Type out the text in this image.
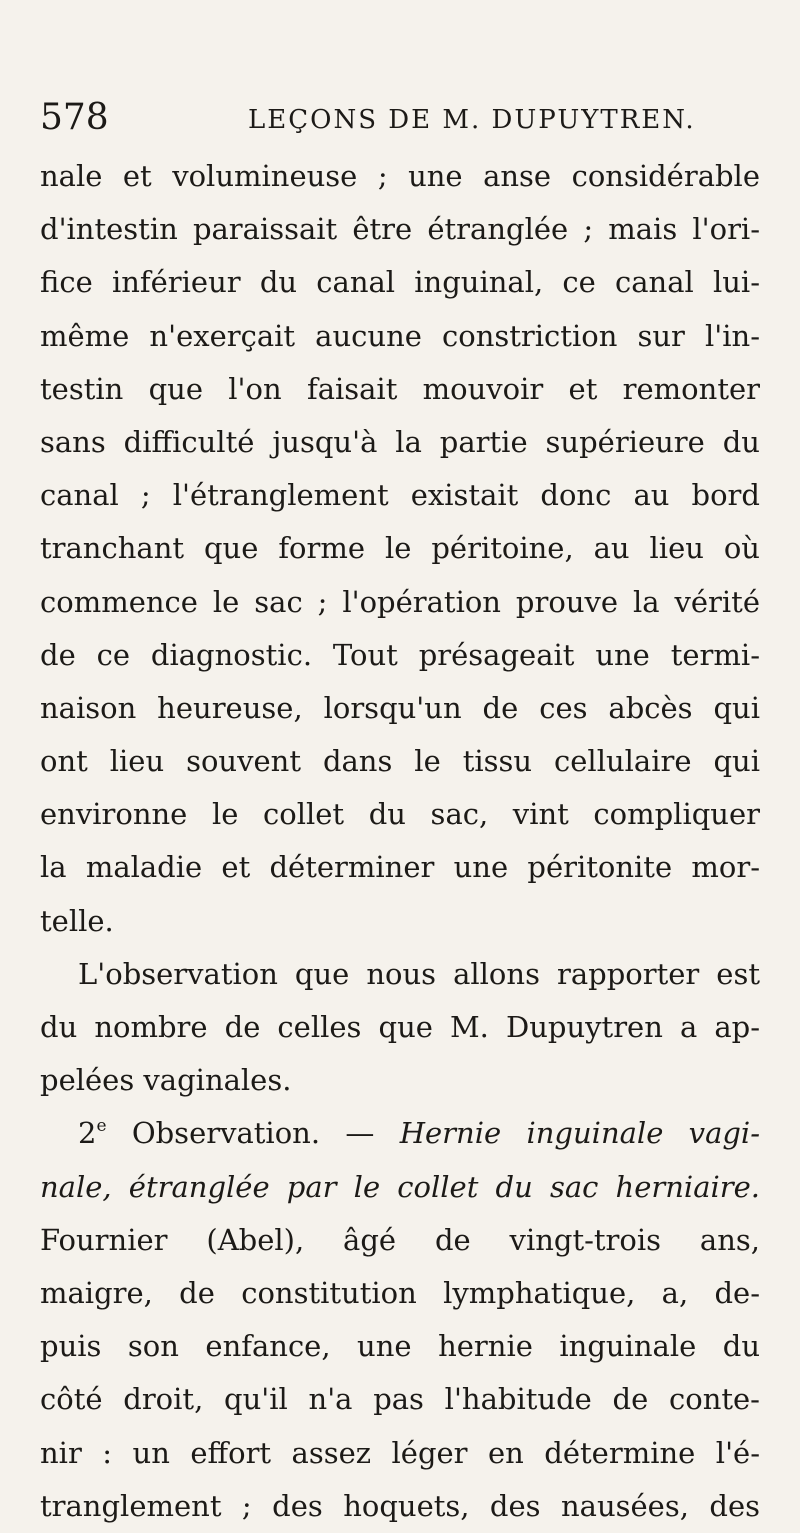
578	LEÇONS DE M. DUPUYTREN.
nale et volumineuse ; une anse considérable
d'intestin paraissait être étranglée ; mais l'ori-
fice inférieur du canal inguinal, ce canal lui-
même n'exerçait aucune constriction sur l'in-
testin que l'on faisait mouvoir et remonter
sans difficulté jusqu'à la partie supérieure du
canal ; l'étranglement existait donc au bord
tranchant que forme le péritoine, au lieu où
commence le sac ; l'opération prouve la vérité
de ce diagnostic. Tout présageait une termi-
naison heureuse, lorsqu'un de ces abcès qui
ont lieu souvent dans le tissu cellulaire qui
environne le collet du sac, vint compliquer
la maladie et déterminer une péritonite mor-
telle.
L'observation que nous allons rapporter est
du nombre de celles que M. Dupuytren a ap-
pelées vaginales.
2e Observation. — Hernie inguinale vagi-
nale, étranglée par le collet du sac herniaire.
Fournier (Abel), âgé de vingt-trois ans,
maigre, de constitution lymphatique, a, de-
puis son enfance, une hernie inguinale du
côté droit, qu'il n'a pas l'habitude de conte-
nir : un effort assez léger en détermine l'é-
tranglement ; des hoquets, des nausées, des
